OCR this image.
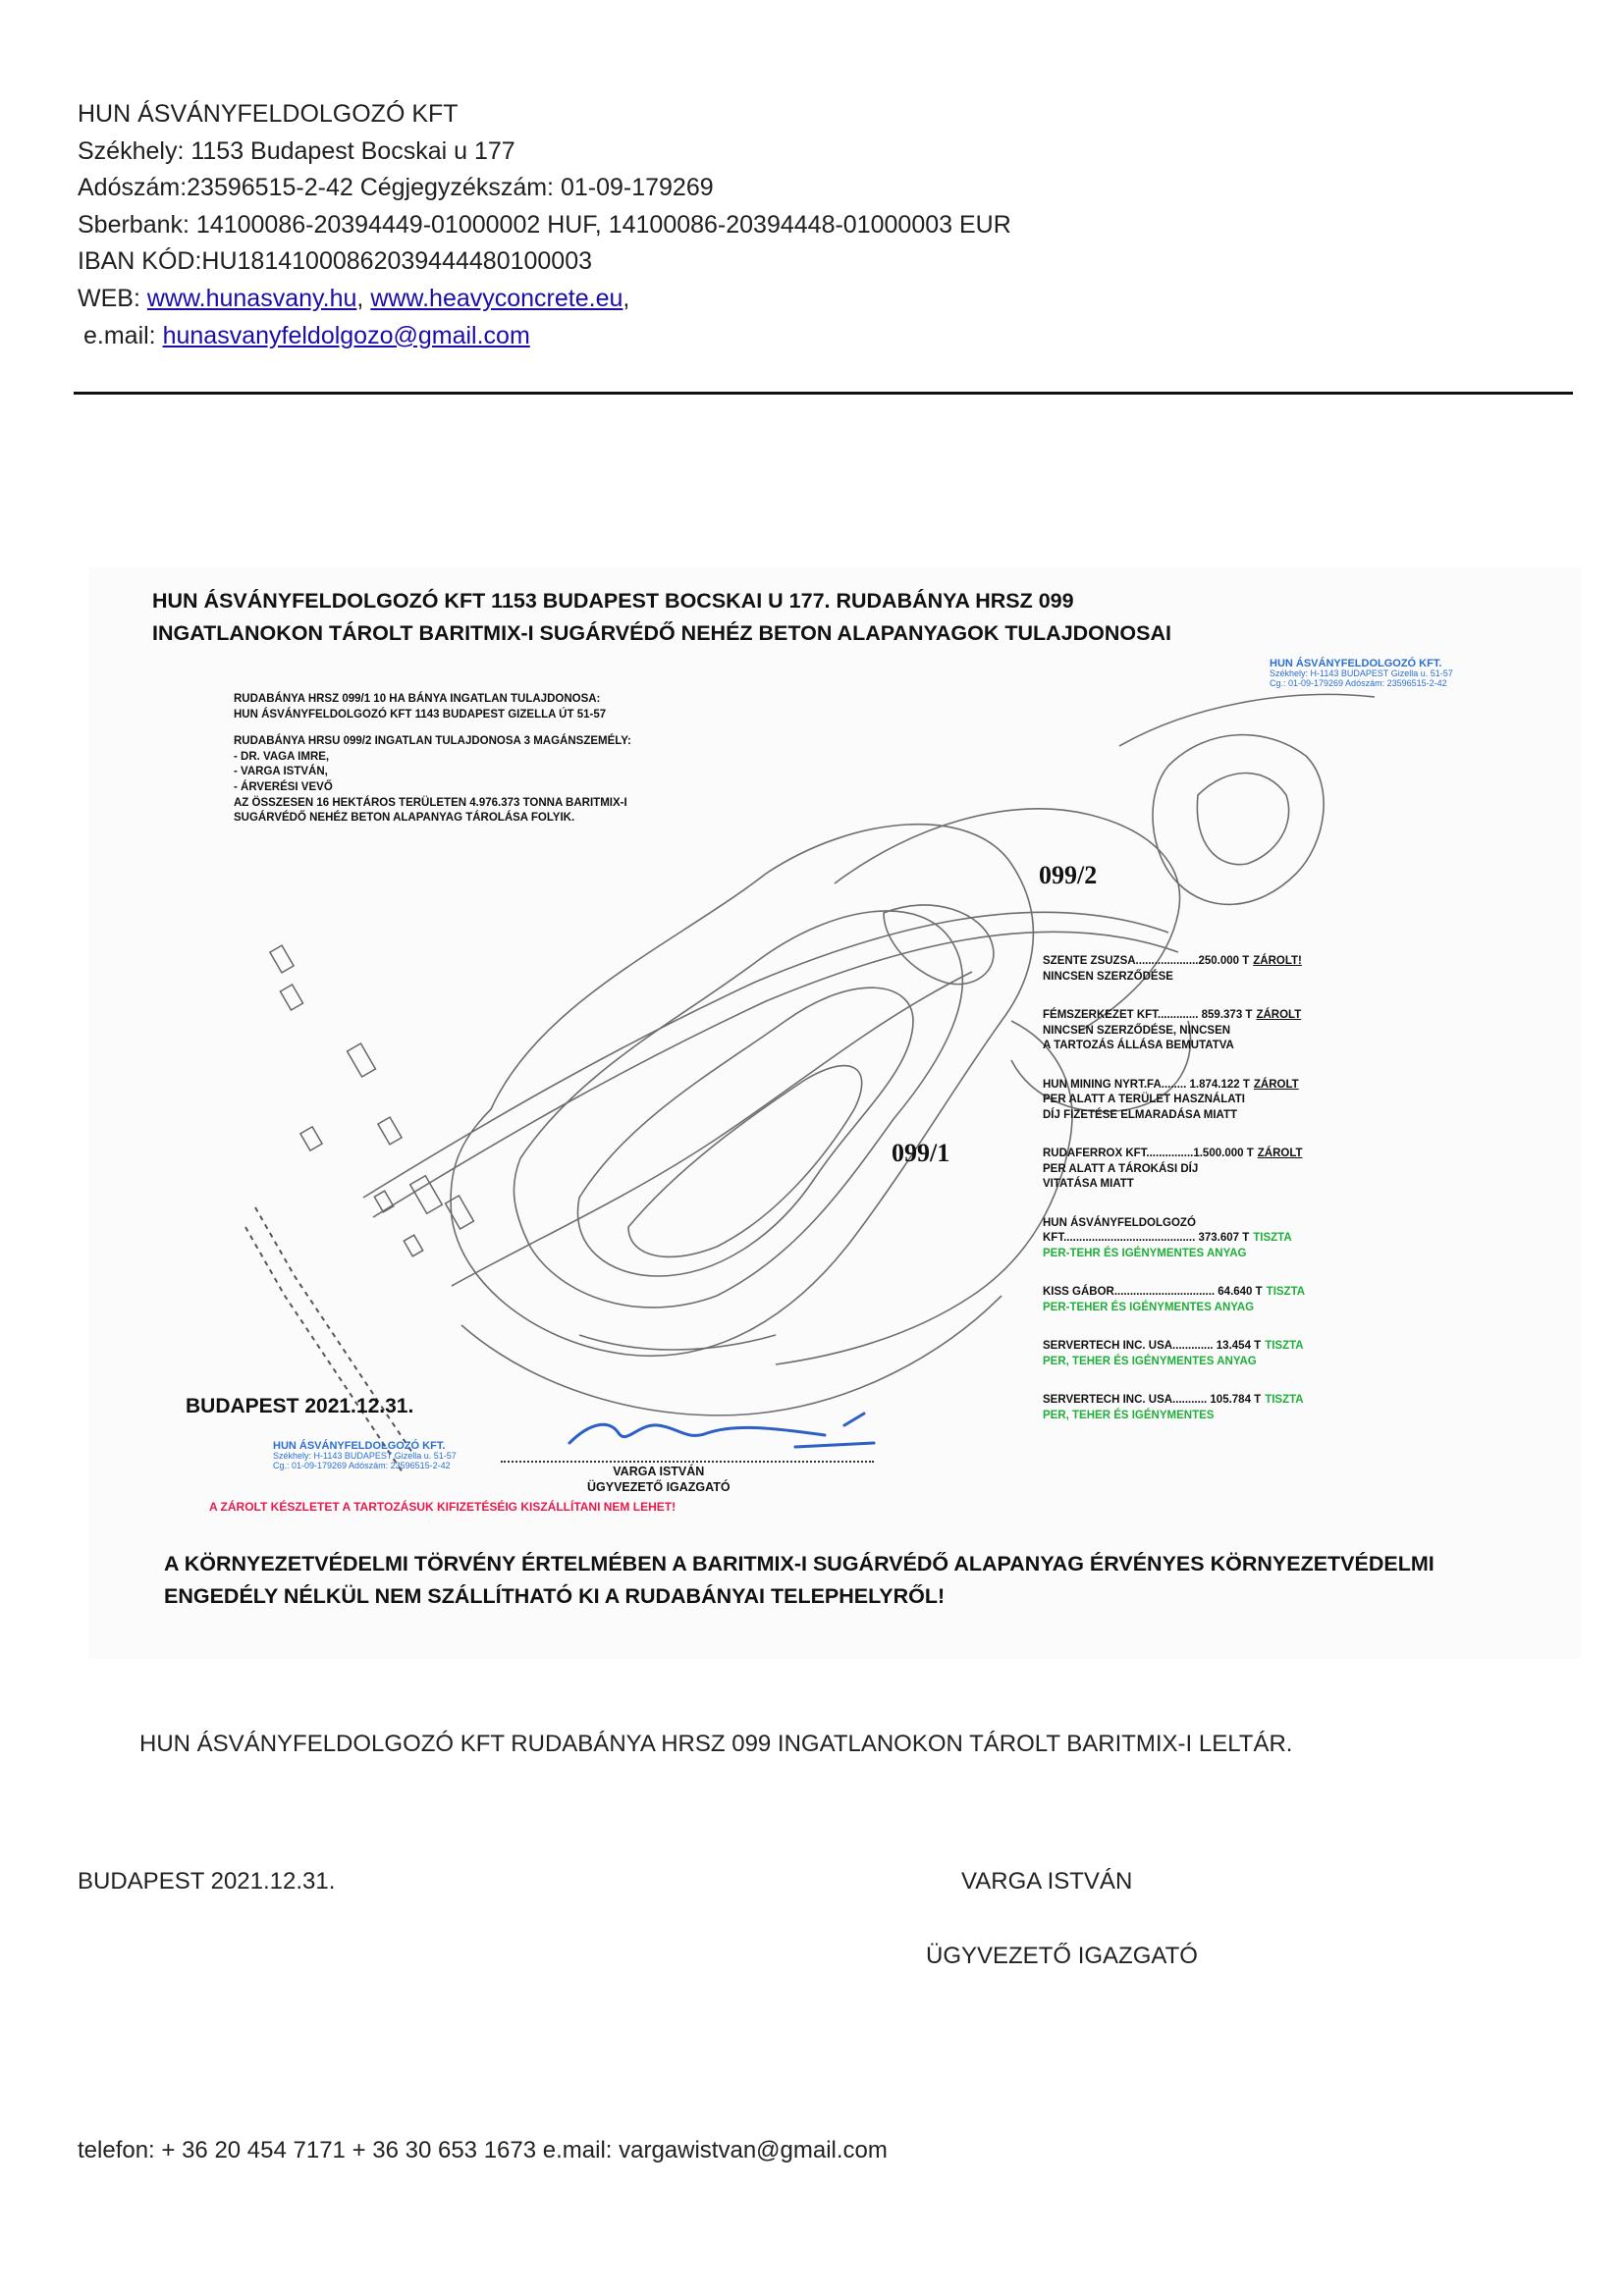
HUN ÁSVÁNYFELDOLGOZÓ KFT
Székhely: 1153 Budapest Bocskai u 177
Adószám:23596515-2-42 Cégjegyzékszám: 01-09-179269
Sberbank: 14100086-20394449-01000002 HUF, 14100086-20394448-01000003 EUR
IBAN KÓD:HU18141000862039444480100003
WEB: www.hunasvany.hu, www.heavyconcrete.eu,
e.mail: hunasvanyfeldolgozo@gmail.com
HUN ÁSVÁNYFELDOLGOZÓ KFT 1153 BUDAPEST BOCSKAI U 177. RUDABÁNYA HRSZ 099
INGATLANOKON TÁROLT BARITMIX-I SUGÁRVÉDŐ NEHÉZ BETON ALAPANYAGOK TULAJDONOSAI
RUDABÁNYA HRSZ 099/1 10 HA BÁNYA INGATLAN TULAJDONOSA:
HUN ÁSVÁNYFELDOLGOZÓ KFT 1143 BUDAPEST GIZELLA ÚT 51-57
RUDABÁNYA HRSU 099/2 INGATLAN TULAJDONOSA 3 MAGÁNSZEMÉLY:
- DR. VAGA IMRE,
- VARGA ISTVÁN,
- ÁRVERÉSI VEVŐ
AZ ÖSSZESEN 16 HEKTÁROS TERÜLETEN 4.976.373 TONNA BARITMIX-I
SUGÁRVÉDŐ NEHÉZ BETON ALAPANYAG TÁROLÁSA FOLYIK.
099/2
099/1
HUN ÁSVÁNYFELDOLGOZÓ KFT.
Székhely: H-1143 BUDAPEST Gizella u. 51-57
Cg.: 01-09-179269 Adószám: 23596515-2-42
SZENTE ZSUZSA....................250.000 T ZÁROLT!
NINCSEN SZERZŐDÉSE
FÉMSZERKEZET KFT............. 859.373 T ZÁROLT
NINCSEN SZERZŐDÉSE, NINCSEN
A TARTOZÁS ÁLLÁSA BEMUTATVA
HUN MINING NYRT.FA........ 1.874.122 T ZÁROLT
PER ALATT A TERÜLET HASZNÁLATI
DÍJ FIZETÉSE ELMARADÁSA MIATT
RUDAFERROX KFT...............1.500.000 T ZÁROLT
PER ALATT A TÁROKÁSI DÍJ
VITATÁSA MIATT
HUN ÁSVÁNYFELDOLGOZÓ
KFT.......................................... 373.607 T TISZTA
PER-TEHR ÉS IGÉNYMENTES ANYAG
KISS GÁBOR................................ 64.640 T TISZTA
PER-TEHER ÉS IGÉNYMENTES ANYAG
SERVERTECH INC. USA............. 13.454 T TISZTA
PER, TEHER ÉS IGÉNYMENTES ANYAG
SERVERTECH INC. USA........... 105.784 T TISZTA
PER, TEHER ÉS IGÉNYMENTES
BUDAPEST 2021.12.31.
HUN ÁSVÁNYFELDOLGOZÓ KFT.
Székhely: H-1143 BUDAPEST Gizella u. 51-57
Cg.: 01-09-179269 Adószám: 23596515-2-42	VARGA ISTVÁN
ÜGYVEZETŐ IGAZGATÓ
A ZÁROLT KÉSZLETET A TARTOZÁSUK KIFIZETÉSÉIG KISZÁLLÍTANI NEM LEHET!
A KÖRNYEZETVÉDELMI TÖRVÉNY ÉRTELMÉBEN A BARITMIX-I SUGÁRVÉDŐ ALAPANYAG ÉRVÉNYES KÖRNYEZETVÉDELMI
ENGEDÉLY NÉLKÜL NEM SZÁLLÍTHATÓ KI A RUDABÁNYAI TELEPHELYRŐL!
HUN ÁSVÁNYFELDOLGOZÓ KFT RUDABÁNYA HRSZ 099 INGATLANOKON TÁROLT BARITMIX-I LELTÁR.
BUDAPEST 2021.12.31.	VARGA ISTVÁN
ÜGYVEZETŐ IGAZGATÓ
telefon: + 36 20 454 7171 + 36 30 653 1673 e.mail: vargawistvan@gmail.com
